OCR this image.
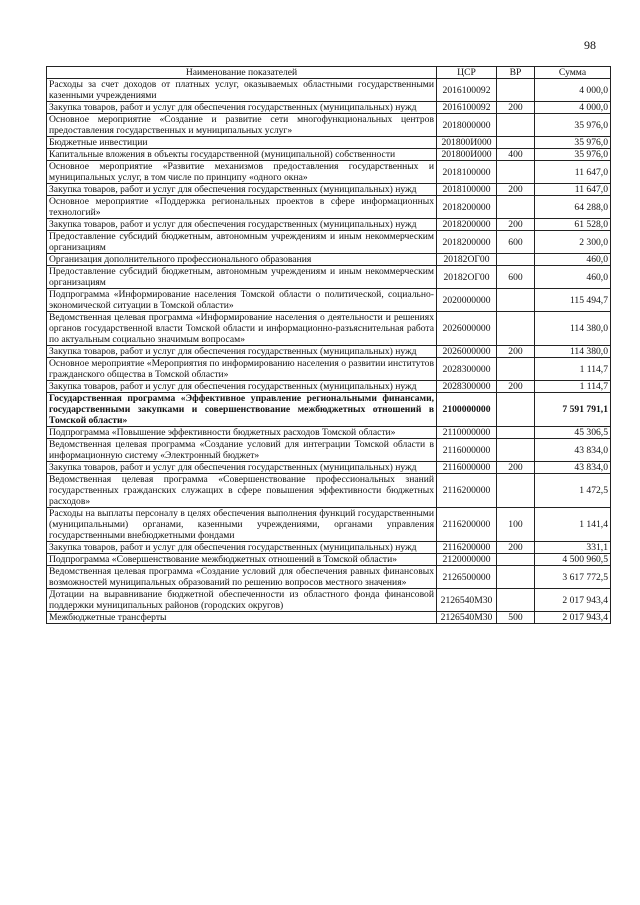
98
Наименование показателей	ЦСР	ВР	Сумма
Расходы за счет доходов от платных услуг, оказываемых областными государственными казенными учреждениями	2016100092		4 000,0
Закупка товаров, работ и услуг для обеспечения государственных (муниципальных) нужд	2016100092	200	4 000,0
Основное мероприятие «Создание и развитие сети многофункциональных центров предоставления государственных и муниципальных услуг»	2018000000		35 976,0
Бюджетные инвестиции	201800И000		35 976,0
Капитальные вложения в объекты государственной (муниципальной) собственности	201800И000	400	35 976,0
Основное мероприятие «Развитие механизмов предоставления государственных и муниципальных услуг, в том числе по принципу «одного окна»	2018100000		11 647,0
Закупка товаров, работ и услуг для обеспечения государственных (муниципальных) нужд	2018100000	200	11 647,0
Основное мероприятие «Поддержка региональных проектов в сфере информационных технологий»	2018200000		64 288,0
Закупка товаров, работ и услуг для обеспечения государственных (муниципальных) нужд	2018200000	200	61 528,0
Предоставление субсидий бюджетным, автономным учреждениям и иным некоммерческим организациям	2018200000	600	2 300,0
Организация дополнительного профессионального образования	20182ОГ00		460,0
Предоставление субсидий бюджетным, автономным учреждениям и иным некоммерческим организациям	20182ОГ00	600	460,0
Подпрограмма «Информирование населения Томской области о политической, социально-экономической ситуации в Томской области»	2020000000		115 494,7
Ведомственная целевая программа «Информирование населения о деятельности и решениях органов государственной власти Томской области и информационно-разъяснительная работа по актуальным социально значимым вопросам»	2026000000		114 380,0
Закупка товаров, работ и услуг для обеспечения государственных (муниципальных) нужд	2026000000	200	114 380,0
Основное мероприятие «Мероприятия по информированию населения о развитии институтов гражданского общества в Томской области»	2028300000		1 114,7
Закупка товаров, работ и услуг для обеспечения государственных (муниципальных) нужд	2028300000	200	1 114,7
Государственная программа «Эффективное управление региональными финансами, государственными закупками и совершенствование межбюджетных отношений в Томской области»	2100000000		7 591 791,1
Подпрограмма «Повышение эффективности бюджетных расходов Томской области»	2110000000		45 306,5
Ведомственная целевая программа «Создание условий для интеграции Томской области в информационную систему «Электронный бюджет»	2116000000		43 834,0
Закупка товаров, работ и услуг для обеспечения государственных (муниципальных) нужд	2116000000	200	43 834,0
Ведомственная целевая программа «Совершенствование профессиональных знаний государственных гражданских служащих в сфере повышения эффективности бюджетных расходов»	2116200000		1 472,5
Расходы на выплаты персоналу в целях обеспечения выполнения функций государственными (муниципальными) органами, казенными учреждениями, органами управления государственными внебюджетными фондами	2116200000	100	1 141,4
Закупка товаров, работ и услуг для обеспечения государственных (муниципальных) нужд	2116200000	200	331,1
Подпрограмма «Совершенствование межбюджетных отношений в Томской области»	2120000000		4 500 960,5
Ведомственная целевая программа «Создание условий для обеспечения равных финансовых возможностей муниципальных образований по решению вопросов местного значения»	2126500000		3 617 772,5
Дотации на выравнивание бюджетной обеспеченности из областного фонда финансовой поддержки муниципальных районов (городских округов)	2126540М30		2 017 943,4
Межбюджетные трансферты	2126540М30	500	2 017 943,4
